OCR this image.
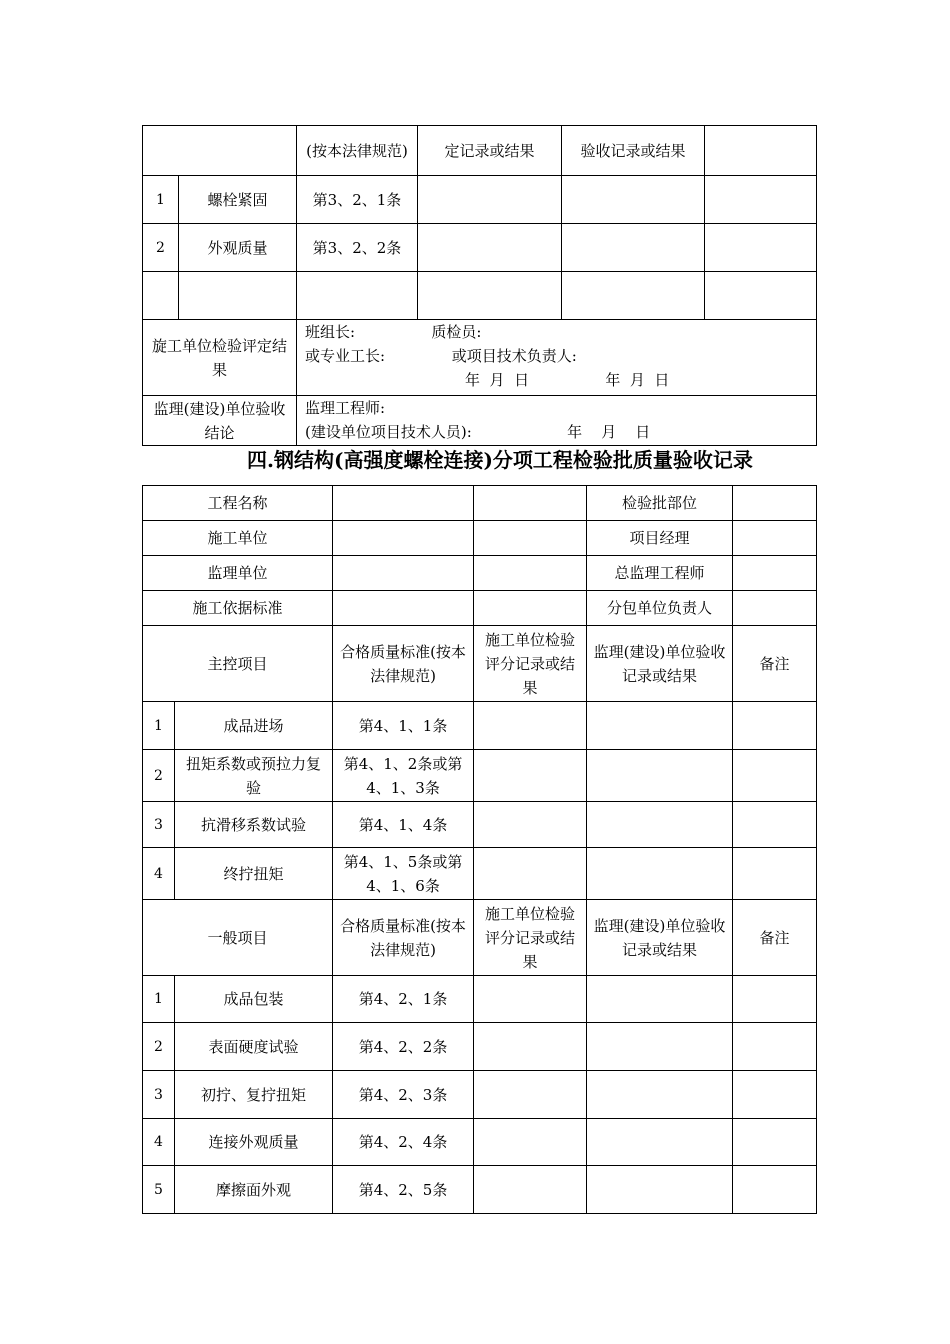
		(按本法律规范)	定记录或结果	验收记录或结果	
1	螺栓紧固	第3、2、1条			
2	外观质量	第3、2、2条			

旋工单位检验评定结果		班组长:                质检员:
或专业工长:              或项目技术负责人:
年  月  日                年  月  日			

监理(建设)单位验收结论		监理工程师:
(建设单位项目技术人员):                    年    月    日			
四.钢结构(高强度螺栓连接)分项工程检验批质量验收记录
工程名称				检验批部位	
施工单位				项目经理	
监理单位				总监理工程师	
施工依据标准				分包单位负责人	
主控项目		合格质量标准(按本法律规范)	施工单位检验评分记录或结果	监理(建设)单位验收记录或结果	备注
1	成品进场	第4、1、1条			
2	扭矩系数或预拉力复验	第4、1、2条或第4、1、3条			
3	抗滑移系数试验	第4、1、4条			
4	终拧扭矩	第4、1、5条或第4、1、6条			
一般项目		合格质量标准(按本法律规范)	施工单位检验评分记录或结果	监理(建设)单位验收记录或结果	备注
1	成品包装	第4、2、1条			
2	表面硬度试验	第4、2、2条			
3	初拧、复拧扭矩	第4、2、3条			
4	连接外观质量	第4、2、4条			
5	摩擦面外观	第4、2、5条			
